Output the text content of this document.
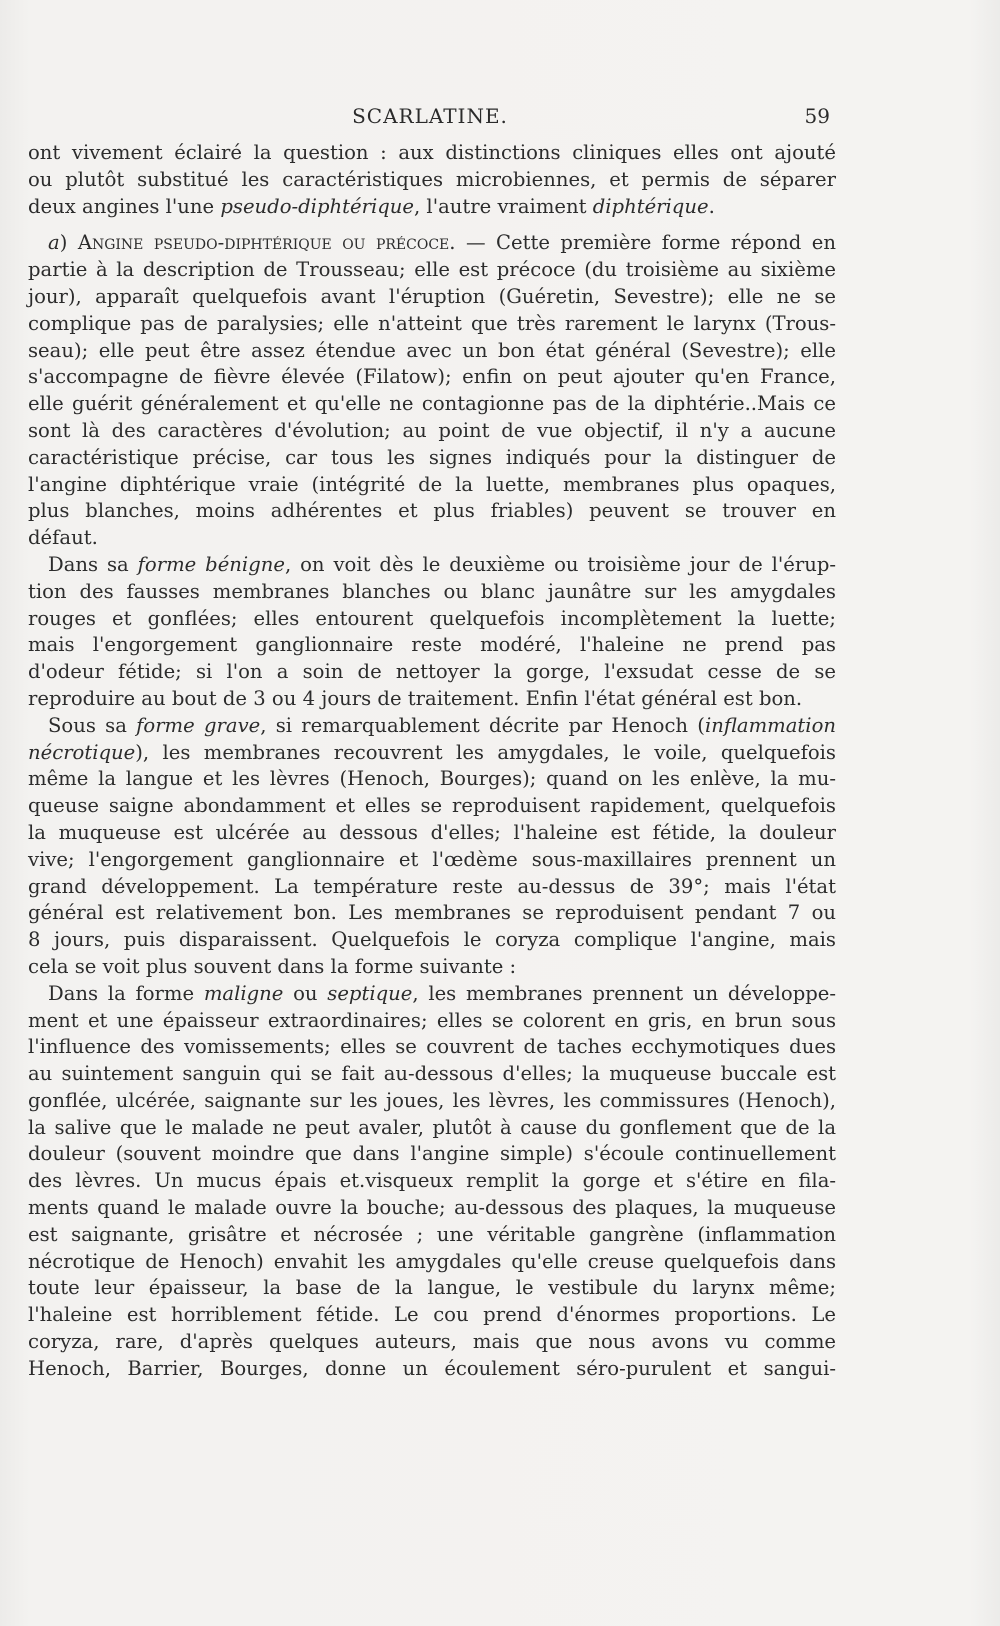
SCARLATINE.	59
ont vivement éclairé la question : aux distinctions cliniques elles ont ajouté
ou plutôt substitué les caractéristiques microbiennes, et permis de séparer
deux angines l'une pseudo-diphtérique, l'autre vraiment diphtérique.
a) Angine pseudo-diphtérique ou précoce. — Cette première forme répond en
partie à la description de Trousseau; elle est précoce (du troisième au sixième
jour), apparaît quelquefois avant l'éruption (Guéretin, Sevestre); elle ne se
complique pas de paralysies; elle n'atteint que très rarement le larynx (Trous-
seau); elle peut être assez étendue avec un bon état général (Sevestre); elle
s'accompagne de fièvre élevée (Filatow); enfin on peut ajouter qu'en France,
elle guérit généralement et qu'elle ne contagionne pas de la diphtérie..Mais ce
sont là des caractères d'évolution; au point de vue objectif, il n'y a aucune
caractéristique précise, car tous les signes indiqués pour la distinguer de
l'angine diphtérique vraie (intégrité de la luette, membranes plus opaques,
plus blanches, moins adhérentes et plus friables) peuvent se trouver en
défaut.
Dans sa forme bénigne, on voit dès le deuxième ou troisième jour de l'érup-
tion des fausses membranes blanches ou blanc jaunâtre sur les amygdales
rouges et gonflées; elles entourent quelquefois incomplètement la luette;
mais l'engorgement ganglionnaire reste modéré, l'haleine ne prend pas
d'odeur fétide; si l'on a soin de nettoyer la gorge, l'exsudat cesse de se
reproduire au bout de 3 ou 4 jours de traitement. Enfin l'état général est bon.
Sous sa forme grave, si remarquablement décrite par Henoch (inflammation
nécrotique), les membranes recouvrent les amygdales, le voile, quelquefois
même la langue et les lèvres (Henoch, Bourges); quand on les enlève, la mu-
queuse saigne abondamment et elles se reproduisent rapidement, quelquefois
la muqueuse est ulcérée au dessous d'elles; l'haleine est fétide, la douleur
vive; l'engorgement ganglionnaire et l'œdème sous-maxillaires prennent un
grand développement. La température reste au-dessus de 39°; mais l'état
général est relativement bon. Les membranes se reproduisent pendant 7 ou
8 jours, puis disparaissent. Quelquefois le coryza complique l'angine, mais
cela se voit plus souvent dans la forme suivante :
Dans la forme maligne ou septique, les membranes prennent un développe-
ment et une épaisseur extraordinaires; elles se colorent en gris, en brun sous
l'influence des vomissements; elles se couvrent de taches ecchymotiques dues
au suintement sanguin qui se fait au-dessous d'elles; la muqueuse buccale est
gonflée, ulcérée, saignante sur les joues, les lèvres, les commissures (Henoch),
la salive que le malade ne peut avaler, plutôt à cause du gonflement que de la
douleur (souvent moindre que dans l'angine simple) s'écoule continuellement
des lèvres. Un mucus épais et.visqueux remplit la gorge et s'étire en fila-
ments quand le malade ouvre la bouche; au-dessous des plaques, la muqueuse
est saignante, grisâtre et nécrosée ; une véritable gangrène (inflammation
nécrotique de Henoch) envahit les amygdales qu'elle creuse quelquefois dans
toute leur épaisseur, la base de la langue, le vestibule du larynx même;
l'haleine est horriblement fétide. Le cou prend d'énormes proportions. Le
coryza, rare, d'après quelques auteurs, mais que nous avons vu comme
Henoch, Barrier, Bourges, donne un écoulement séro-purulent et sangui-
